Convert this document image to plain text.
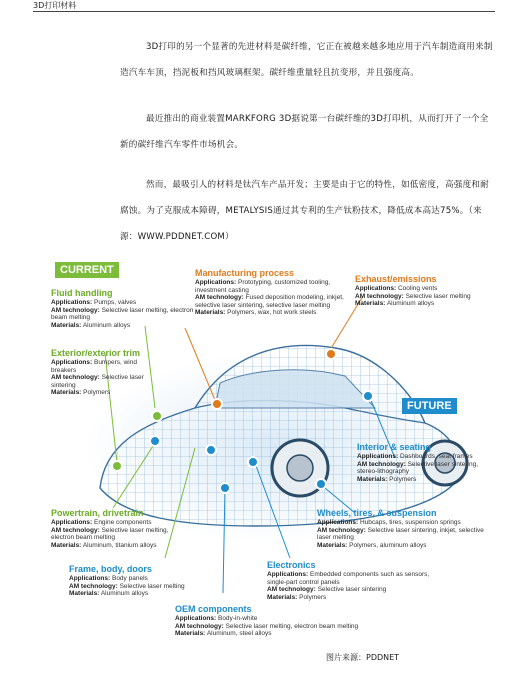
3D打印材料
3D打印的另一个显著的先进材料是碳纤维，它正在被越来越多地应用于汽车制造商用来制造汽车车顶，挡泥板和挡风玻璃框架。碳纤维重量轻且抗变形，并且强度高。
最近推出的商业装置MARKFORG 3D据说第一台碳纤维的3D打印机，从而打开了一个全新的碳纤维汽车零件市场机会。
然而，最吸引人的材料是钛汽车产品开发；主要是由于它的特性，如低密度，高强度和耐腐蚀。为了克服成本障碍，METALYSIS通过其专利的生产钛粉技术，降低成本高达75%。（来源：WWW.PDDNET.COM）
CURRENT
FUTURE
Fluid handling
Applications: Pumps, valves
AM technology: Selective laser melting, electron beam melting
Materials: Aluminum alloys
Manufacturing process
Applications: Prototyping, customized tooling, investment casting
AM technology: Fused deposition modeling, inkjet, selective laser sintering, selective laser melting
Materials: Polymers, wax, hot work steels
Exhaust/emissions
Applications: Cooling vents
AM technology: Selective laser melting
Materials: Aluminum alloys
Exterior/exterior trim
Applications: Bumpers, wind breakers
AM technology: Selective laser sintering
Materials: Polymers
Interior & seating
Applications: Dashboards, seat frames
AM technology: Selective laser sintering, stereo-lithography
Materials: Polymers
Powertrain, drivetrain
Applications: Engine components
AM technology: Selective laser melting, electron beam melting
Materials: Aluminum, titanium alloys
Wheels, tires, & suspension
Applications: Hubcaps, tires, suspension springs
AM technology: Selective laser sintering, inkjet, selective laser melting
Materials: Polymers, aluminum alloys
Frame, body, doors
Applications: Body panels
AM technology: Selective laser melting
Materials: Aluminum alloys
Electronics
Applications: Embedded components such as sensors, single-part control panels
AM technology: Selective laser sintering
Materials: Polymers
OEM components
Applications: Body-in-white
AM technology: Selective laser melting, electron beam melting
Materials: Aluminum, steel alloys
图片来源：PDDNET
